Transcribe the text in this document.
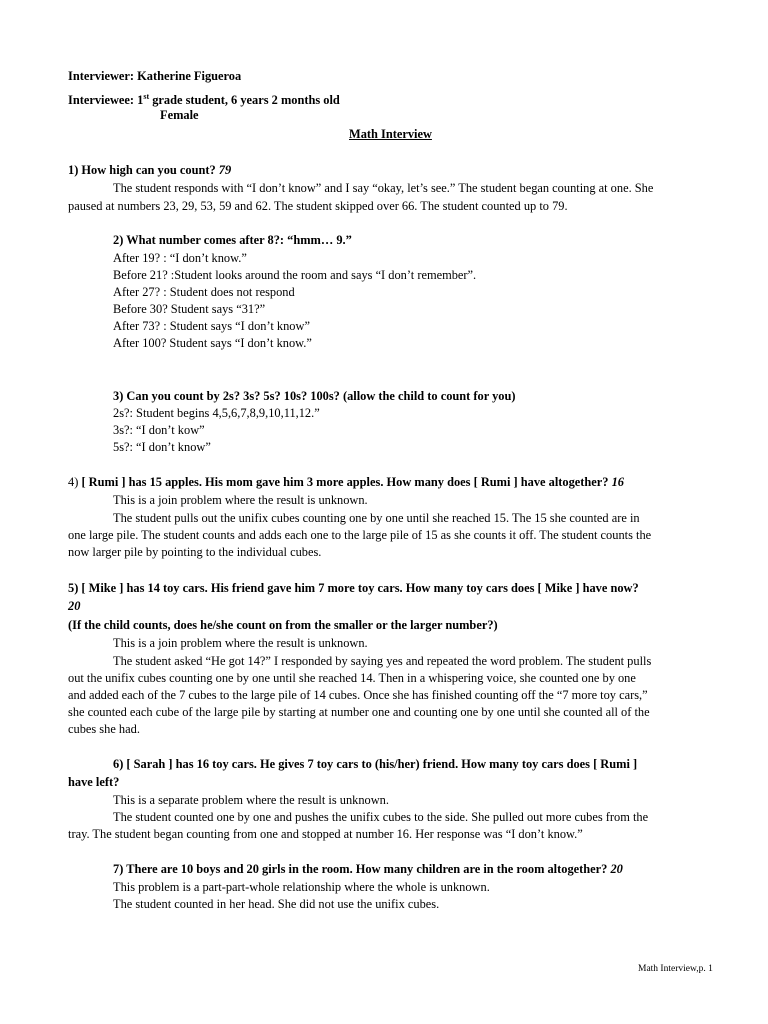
Interviewer: Katherine Figueroa
Interviewee: 1st grade student, 6 years 2 months old
Female
Math Interview
1) How high can you count? 79
The student responds with “I don’t know” and I say “okay, let’s see.” The student began counting at one. She
paused at numbers 23, 29, 53, 59 and 62. The student skipped over 66. The student counted up to 79.
2) What number comes after 8?: “hmm… 9.”
After 19? : “I don’t know.”
Before 21? :Student looks around the room and says “I don’t remember”.
After 27? : Student does not respond
Before 30? Student says “31?”
After 73? : Student says “I don’t know”
After 100? Student says “I don’t know.”
3) Can you count by 2s? 3s? 5s? 10s? 100s? (allow the child to count for you)
2s?: Student begins 4,5,6,7,8,9,10,11,12.”
3s?: “I don’t kow”
5s?: “I don’t know”
4) [ Rumi ] has 15 apples. His mom gave him 3 more apples. How many does [ Rumi ] have altogether? 16
This is a join problem where the result is unknown.
The student pulls out the unifix cubes counting one by one until she reached 15. The 15 she counted are in
one large pile. The student counts and adds each one to the large pile of 15 as she counts it off. The student counts the
now larger pile by pointing to the individual cubes.
5) [ Mike ] has 14 toy cars. His friend gave him 7 more toy cars. How many toy cars does [ Mike ] have now?
20
(If the child counts, does he/she count on from the smaller or the larger number?)
This is a join problem where the result is unknown.
The student asked “He got 14?” I responded by saying yes and repeated the word problem. The student pulls
out the unifix cubes counting one by one until she reached 14. Then in a whispering voice, she counted one by one
and added each of the 7 cubes to the large pile of 14 cubes. Once she has finished counting off the “7 more toy cars,”
she counted each cube of the large pile by starting at number one and counting one by one until she counted all of the
cubes she had.
6) [ Sarah ] has 16 toy cars. He gives 7 toy cars to (his/her) friend. How many toy cars does [ Rumi ]
have left?
This is a separate problem where the result is unknown.
The student counted one by one and pushes the unifix cubes to the side. She pulled out more cubes from the
tray. The student began counting from one and stopped at number 16. Her response was “I don’t know.”
7) There are 10 boys and 20 girls in the room. How many children are in the room altogether? 20
This problem is a part-part-whole relationship where the whole is unknown.
The student counted in her head. She did not use the unifix cubes.
Math Interview,p. 1
